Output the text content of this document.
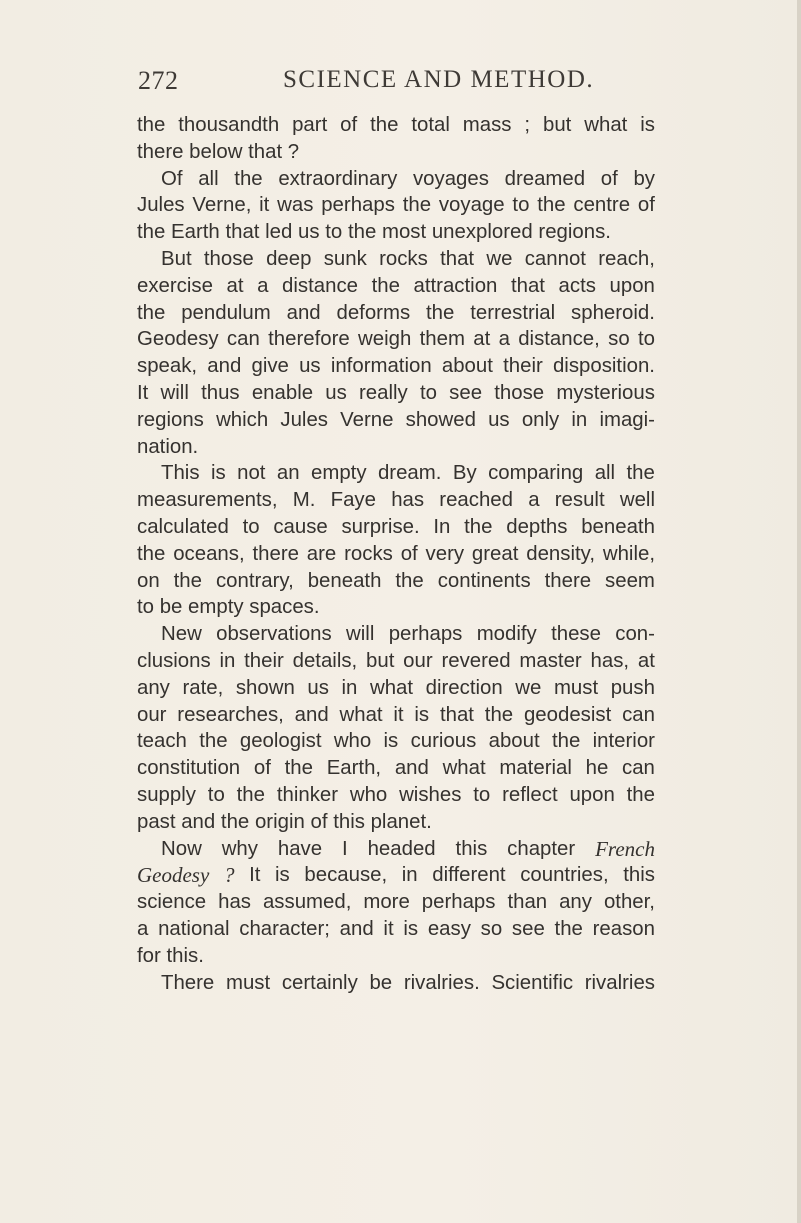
272	SCIENCE AND METHOD.
the thousandth part of the total mass ; but what is
there
below
that
?

Of all the extraordinary voyages dreamed of by
Jules Verne, it was perhaps the voyage to the centre of
the
Earth
that
led
us
to
the
most
unexplored
regions.

But those deep sunk rocks that we cannot reach,
exercise at a distance the attraction that acts upon
the pendulum and deforms the terrestrial spheroid.
Geodesy can therefore weigh them at a distance, so to
speak, and give us information about their disposition.
It will thus enable us really to see those mysterious
regions which Jules Verne showed us only in imagi-
nation.

This is not an empty dream. By comparing all the
measurements, M. Faye has reached a result well
calculated to cause surprise. In the depths beneath
the oceans, there are rocks of very great density, while,
on the contrary, beneath the continents there seem
to
be
empty
spaces.

New observations will perhaps modify these con-
clusions in their details, but our revered master has, at
any rate, shown us in what direction we must push
our researches, and what it is that the geodesist can
teach the geologist who is curious about the interior
constitution of the Earth, and what material he can
supply to the thinker who wishes to reflect upon the
past
and
the
origin
of
this
planet.

Now why have I headed this chapter French
Geodesy ? It is because, in different countries, this
science has assumed, more perhaps than any other,
a national character; and it is easy so see the reason
for
this.

There must certainly be rivalries. Scientific rivalries
